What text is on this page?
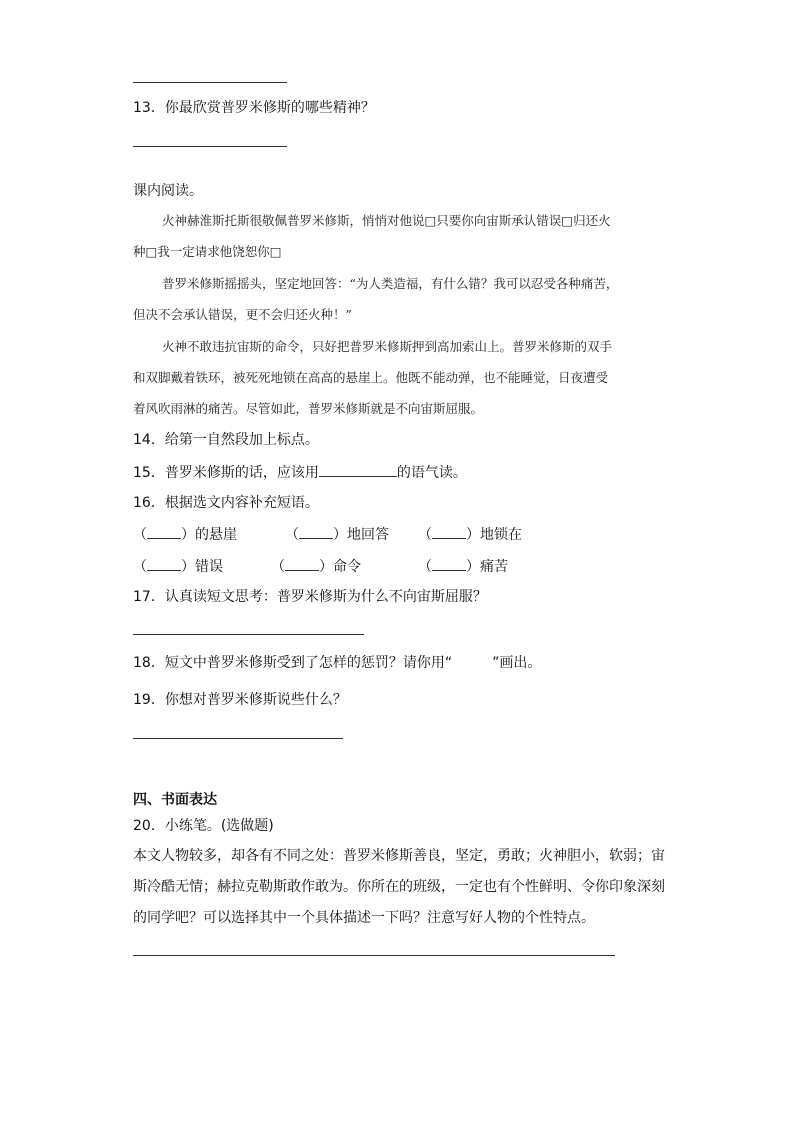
13．你最欣赏普罗米修斯的哪些精神？
课内阅读。
火神赫淮斯托斯很敬佩普罗米修斯，悄悄对他说□只要你向宙斯承认错误□归还火
种□我一定请求他饶恕你□
普罗米修斯摇摇头，坚定地回答：“为人类造福，有什么错？我可以忍受各种痛苦，
但决不会承认错误，更不会归还火种！”
火神不敢违抗宙斯的命令，只好把普罗米修斯押到高加索山上。普罗米修斯的双手
和双脚戴着铁环，被死死地锁在高高的悬崖上。他既不能动弹，也不能睡觉，日夜遭受
着风吹雨淋的痛苦。尽管如此，普罗米修斯就是不向宙斯屈服。
14．给第一自然段加上标点。
15．普罗米修斯的话，应该用	的语气读。
16．根据选文内容补充短语。
（ ）的悬崖	（ ）地回答 （ ）地锁在
（ ）错误	（ ）命令	（ ）痛苦
17．认真读短文思考：普罗米修斯为什么不向宙斯屈服？
18．短文中普罗米修斯受到了怎样的惩罚？请你用“	”画出。
19．你想对普罗米修斯说些什么？
四、书面表达
20．小练笔。(选做题)
本文人物较多，却各有不同之处：普罗米修斯善良，坚定，勇敢；火神胆小，软弱；宙
斯冷酷无情；赫拉克勒斯敢作敢为。你所在的班级，一定也有个性鲜明、令你印象深刻
的同学吧？可以选择其中一个具体描述一下吗？注意写好人物的个性特点。
